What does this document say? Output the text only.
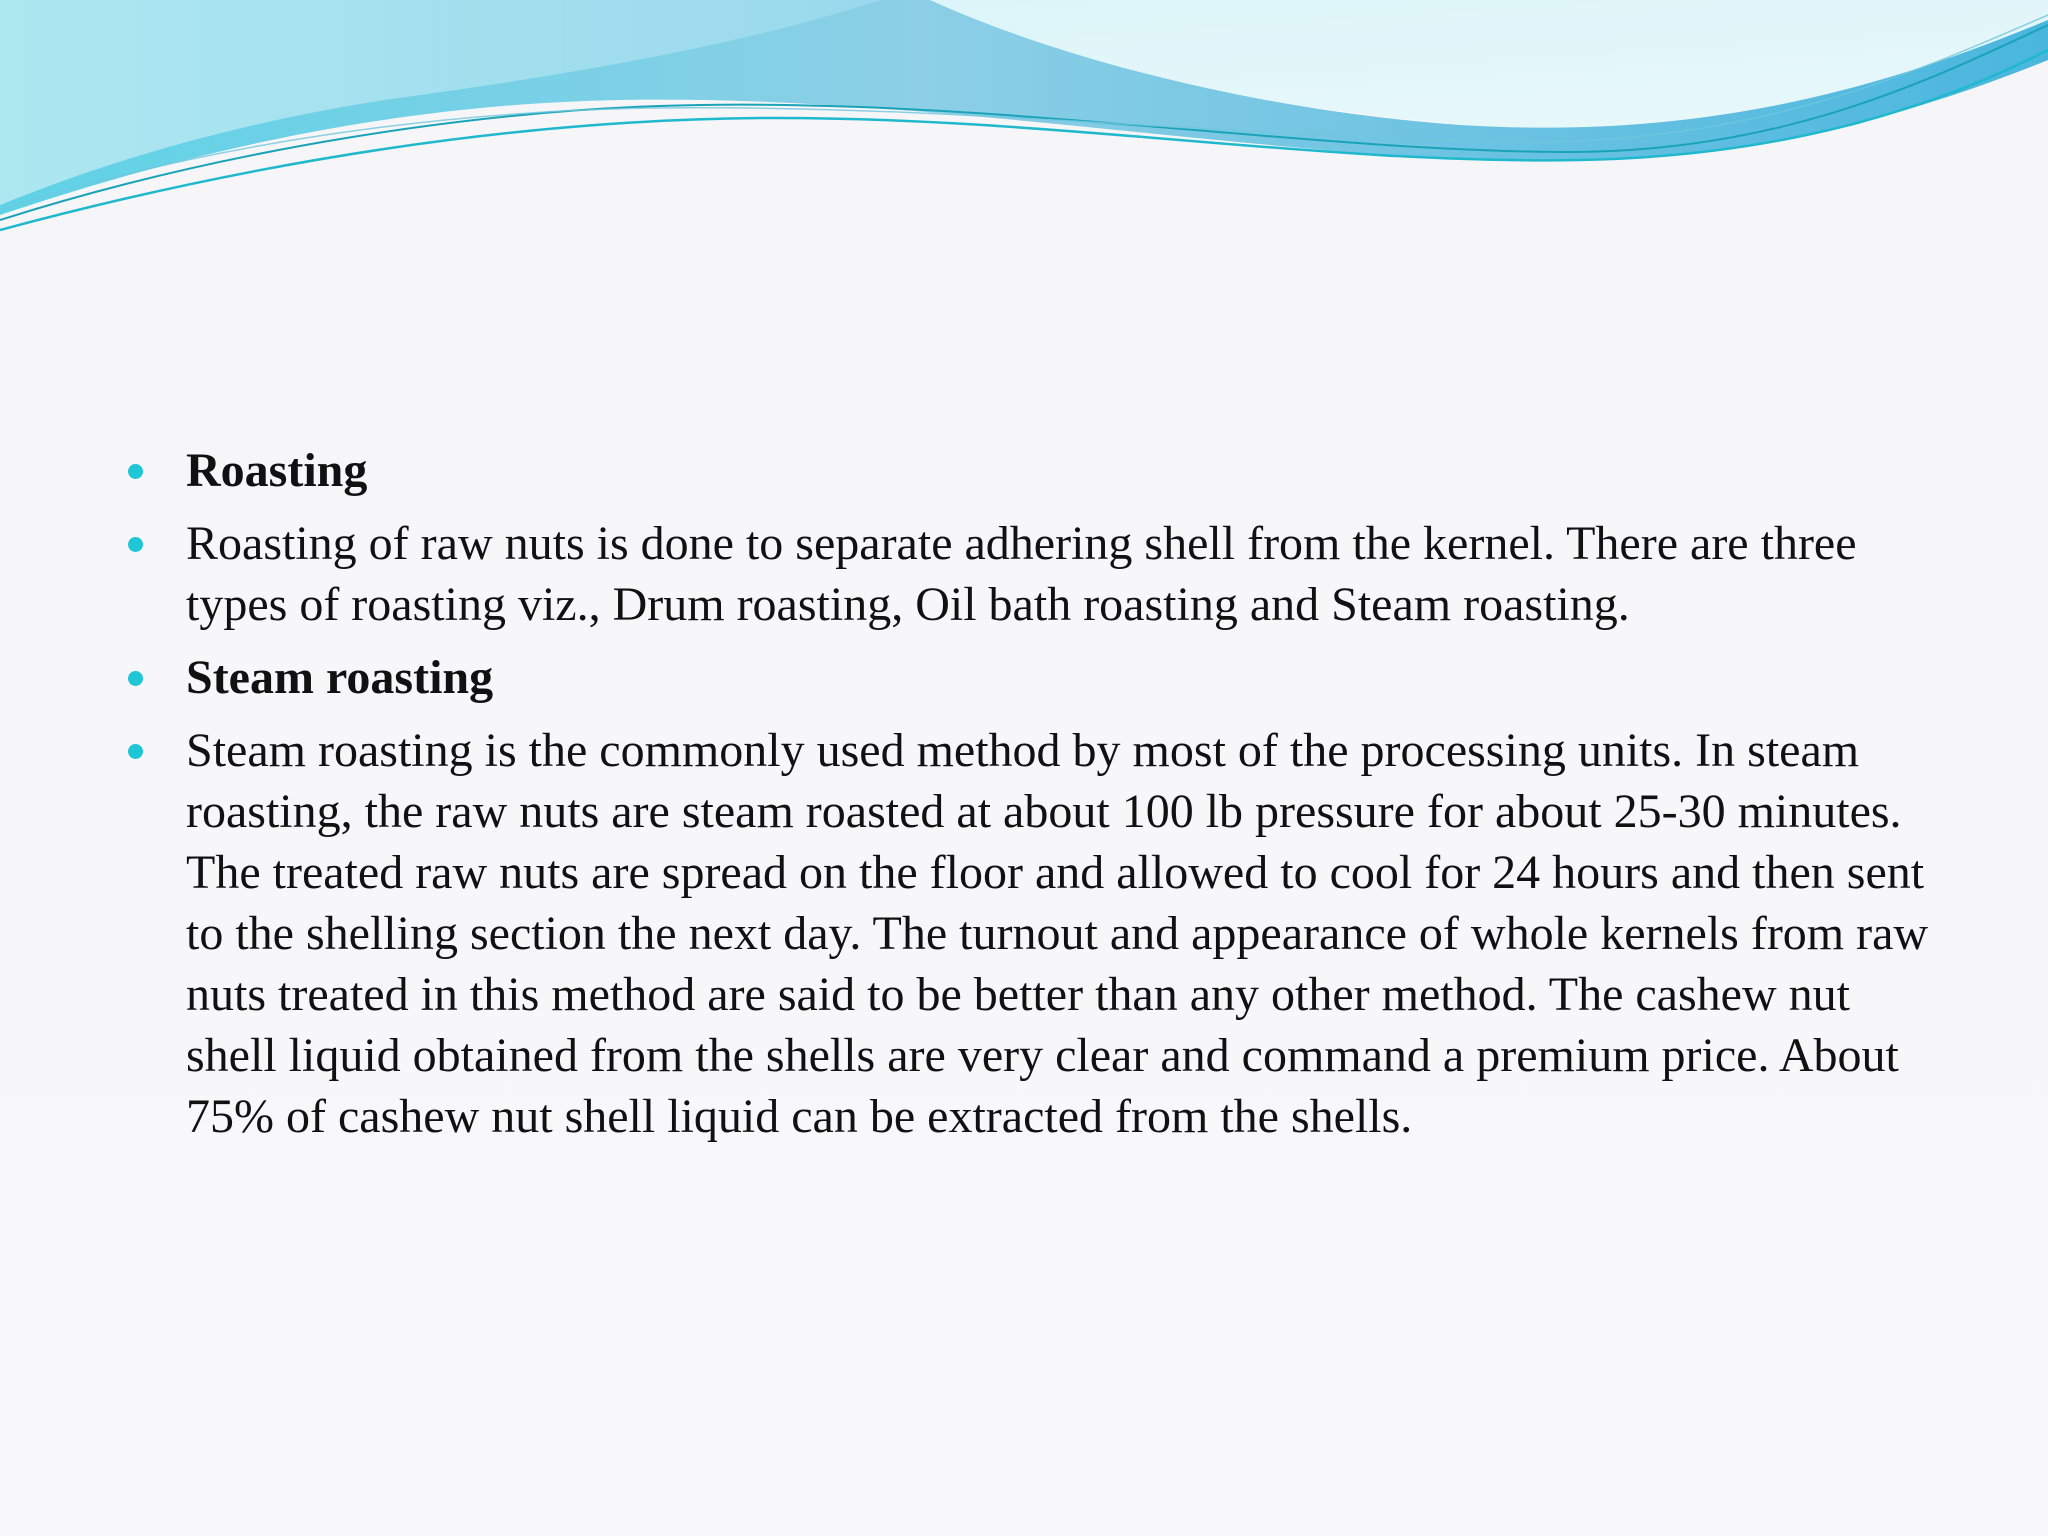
Roasting
Roasting of raw nuts is done to separate adhering shell from the kernel. There are three types of roasting viz., Drum roasting, Oil bath roasting and Steam roasting.
Steam roasting
Steam roasting is the commonly used method by most of the processing units. In steam roasting, the raw nuts are steam roasted at about 100 lb pressure for about 25-30 minutes. The treated raw nuts are spread on the floor and allowed to cool for 24 hours and then sent to the shelling section the next day. The turnout and appearance of whole kernels from raw nuts treated in this method are said to be better than any other method. The cashew nut shell liquid obtained from the shells are very clear and command a premium price. About 75% of cashew nut shell liquid can be extracted from the shells.
